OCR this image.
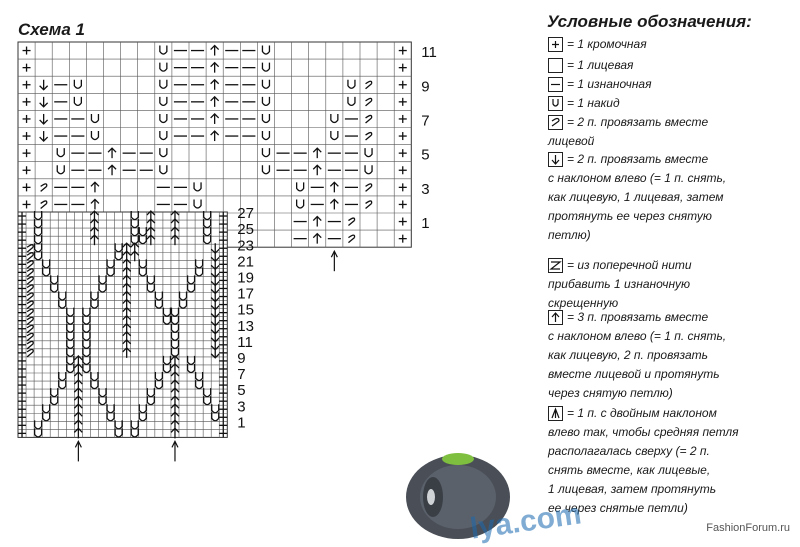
Схема 1	Условные обозначения:
11
9
7
5
3
1
27
25
23
21
19
17
15
13
11
9
7
5
3
1
= 1 кромочная
= 1 лицевая
= 1 изнаночная
= 1 накид
= 2 п. провязать вместе
лицевой
= 2 п. провязать вместе
с наклоном влево (= 1 п. снять,
как лицевую, 1 лицевая, затем
протянуть ее через снятую
петлю)
= из поперечной нити
прибавить 1 изнаночную
скрещенную
= 3 п. провязать вместе
с наклоном влево (= 1 п. снять,
как лицевую, 2 п. провязать
вместе лицевой и протянуть
через снятую петлю)
= 1 п. с двойным наклоном
влево так, чтобы средняя петля
располагалась сверху (= 2 п.
снять вместе, как лицевые,
1 лицевая, затем протянуть
ее через снятые петли)
lya.com	FashionForum.ru
